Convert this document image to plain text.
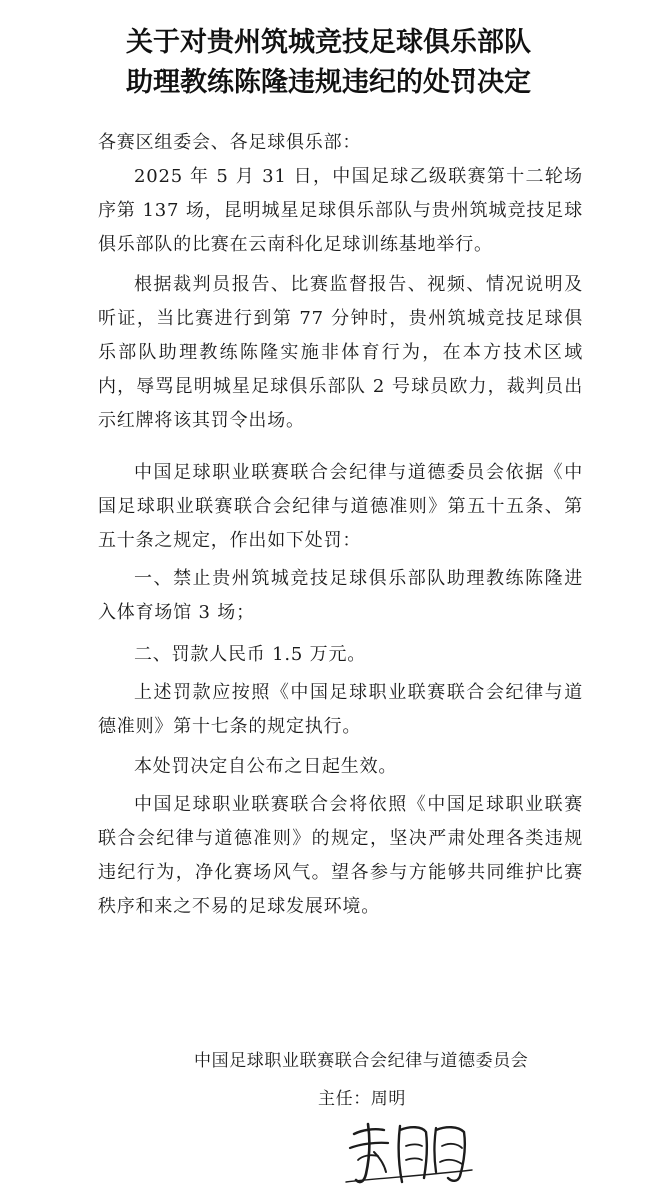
关于对贵州筑城竞技足球俱乐部队
助理教练陈隆违规违纪的处罚决定
各赛区组委会、各足球俱乐部：

2025 年 5 月 31 日，中国足球乙级联赛第十二轮场序第 137 场，昆明城星足球俱乐部队与贵州筑城竞技足球俱乐部队的比赛在云南科化足球训练基地举行。

根据裁判员报告、比赛监督报告、视频、情况说明及听证，当比赛进行到第 77 分钟时，贵州筑城竞技足球俱乐部队助理教练陈隆实施非体育行为，在本方技术区域内，辱骂昆明城星足球俱乐部队 2 号球员欧力，裁判员出示红牌将该其罚令出场。

中国足球职业联赛联合会纪律与道德委员会依据《中国足球职业联赛联合会纪律与道德准则》第五十五条、第五十条之规定，作出如下处罚：

一、禁止贵州筑城竞技足球俱乐部队助理教练陈隆进入体育场馆 3 场；

二、罚款人民币 1.5 万元。

上述罚款应按照《中国足球职业联赛联合会纪律与道德准则》第十七条的规定执行。

本处罚决定自公布之日起生效。

中国足球职业联赛联合会将依照《中国足球职业联赛联合会纪律与道德准则》的规定，坚决严肃处理各类违规违纪行为，净化赛场风气。望各参与方能够共同维护比赛秩序和来之不易的足球发展环境。

中国足球职业联赛联合会纪律与道德委员会
主任：周明
